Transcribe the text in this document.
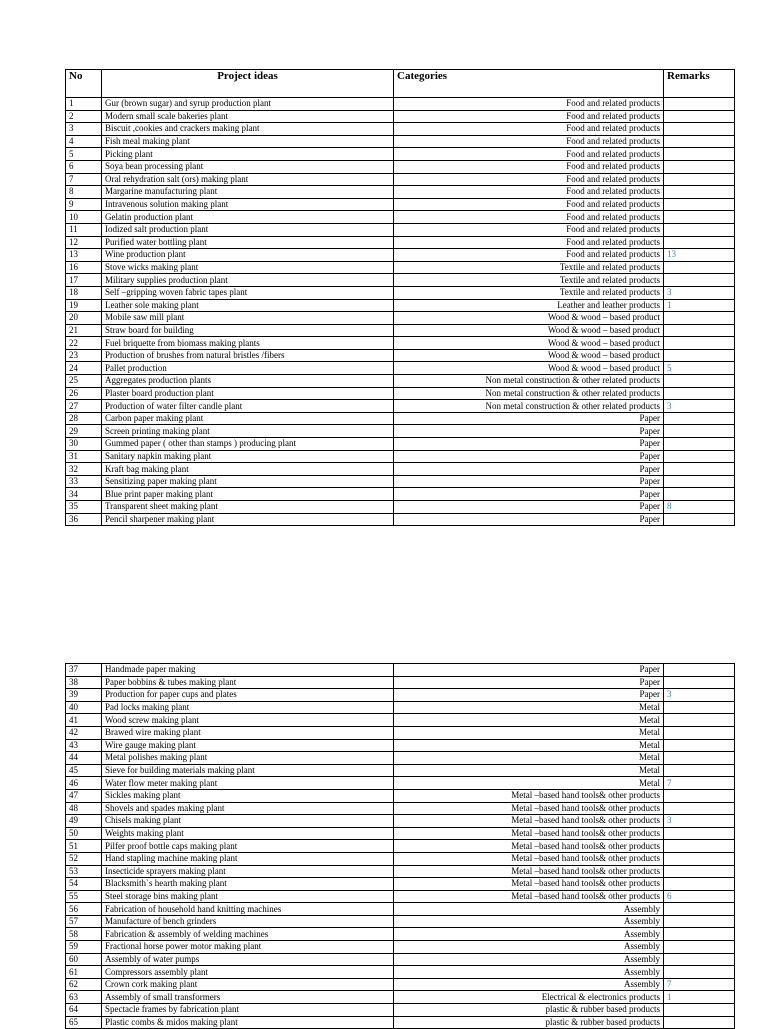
No	Project ideas	Categories	Remarks
1	Gur (brown sugar) and syrup production plant	Food and related products	
2	Modern small scale bakeries plant	Food and related products	
3	Biscuit ,cookies and crackers making plant	Food and related products	
4	Fish meal making plant	Food and related products	
5	Picking plant	Food and related products	
6	Soya bean processing plant	Food and related products	
7	Oral rehydration salt (ors) making plant	Food and related products	
8	Margarine manufacturing plant	Food and related products	
9	Intravenous solution making plant	Food and related products	
10	Gelatin production plant	Food and related products	
11	Iodized salt production plant	Food and related products	
12	Purified water bottling plant	Food and related products	
13	Wine production plant	Food and related products	13
16	Stove wicks making plant	Textile and related products	
17	Military supplies production plant	Textile and related products	
18	Self –gripping woven fabric tapes plant	Textile and related products	3
19	Leather sole making plant	Leather and leather products	1
20	Mobile saw mill plant	Wood & wood – based product	
21	Straw board for building	Wood & wood – based product	
22	Fuel briquette from biomass making plants	Wood & wood – based product	
23	Production of brushes from natural bristles /fibers	Wood & wood – based product	
24	Pallet production	Wood & wood – based product	5
25	Aggregates production plants	Non metal construction & other related products	
26	Plaster board production plant	Non metal construction & other related products	
27	Production of water filter candle plant	Non metal construction & other related products	3
28	Carbon paper making plant	Paper	
29	Screen printing making plant	Paper	
30	Gummed paper ( other than stamps ) producing plant	Paper	
31	Sanitary napkin making plant	Paper	
32	Kraft bag making plant	Paper	
33	Sensitizing paper making plant	Paper	
34	Blue print paper making plant	Paper	
35	Transparent sheet making plant	Paper	8
36	Pencil sharpener making plant	Paper	
37	Handmade paper making	Paper	
38	Paper bobbins & tubes making plant	Paper	
39	Production for paper cups and plates	Paper	3
40	Pad locks making plant	Metal	
41	Wood screw making plant	Metal	
42	Brawed wire making plant	Metal	
43	Wire gauge making plant	Metal	
44	Metal polishes making plant	Metal	
45	Sieve for building materials making plant	Metal	
46	Water flow meter making plant	Metal	7
47	Sickles making plant	Metal –based hand tools& other products	
48	Shovels and spades making plant	Metal –based hand tools& other products	
49	Chisels making plant	Metal –based hand tools& other products	3
50	Weights making plant	Metal –based hand tools& other products	
51	Pilfer proof bottle caps making plant	Metal –based hand tools& other products	
52	Hand stapling machine making plant	Metal –based hand tools& other products	
53	Insecticide sprayers making plant	Metal –based hand tools& other products	
54	Blacksmith`s hearth making plant	Metal –based hand tools& other products	
55	Steel storage bins making plant	Metal –based hand tools& other products	6
56	Fabrication of household hand knitting machines	Assembly	
57	Manufacture of bench grinders	Assembly	
58	Fabrication & assembly of welding machines	Assembly	
59	Fractional horse power motor making plant	Assembly	
60	Assembly of water pumps	Assembly	
61	Compressors assembly plant	Assembly	
62	Crown cork making plant	Assembly	7
63	Assembly of small transformers	Electrical & electronics products	1
64	Spectacle frames by fabrication plant	plastic & rubber based products	
65	Plastic combs & midos making plant	plastic & rubber based products	
